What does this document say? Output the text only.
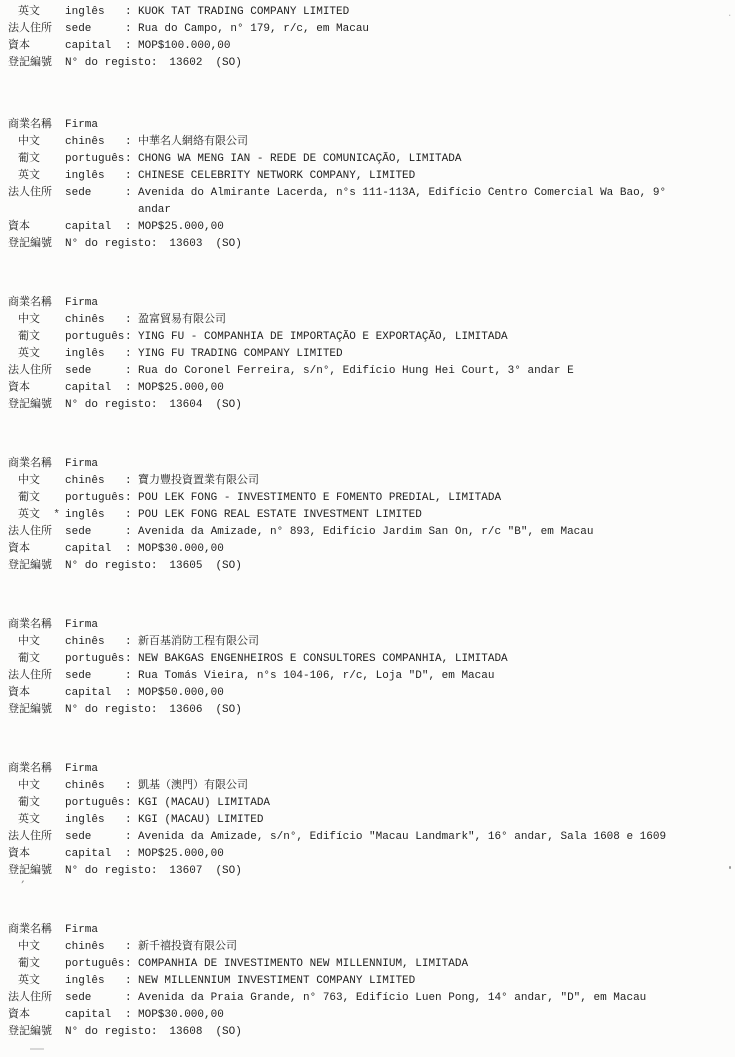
英文 inglês	: KUOK TAT TRADING COMPANY LIMITED
法人住所 sede	: Rua do Campo, n° 179, r/c, em Macau
資本	capital	: MOP$100.000,00
登記編號 N° do registo: 13602 (SO)
商業名稱 Firma
中文 chinês	: 中華名人網絡有限公司
葡文 português : CHONG WA MENG IAN - REDE DE COMUNICAÇÃO, LIMITADA
英文 inglês	: CHINESE CELEBRITY NETWORK COMPANY, LIMITED
法人住所 sede	: Avenida do Almirante Lacerda, n°s 111-113A, Edifício Centro Comercial Wa Bao, 9° andar
資本	capital	: MOP$25.000,00
登記編號 N° do registo: 13603 (SO)
商業名稱 Firma
中文 chinês	: 盈富貿易有限公司
葡文 português : YING FU - COMPANHIA DE IMPORTAÇÃO E EXPORTAÇÃO, LIMITADA
英文 inglês	: YING FU TRADING COMPANY LIMITED
法人住所 sede	: Rua do Coronel Ferreira, s/n°, Edifício Hung Hei Court, 3° andar E
資本	capital	: MOP$25.000,00
登記編號 N° do registo: 13604 (SO)
商業名稱 Firma
中文 chinês	: 寶力豐投資置業有限公司
葡文 português : POU LEK FONG - INVESTIMENTO E FOMENTO PREDIAL, LIMITADA
英文 * inglês	: POU LEK FONG REAL ESTATE INVESTMENT LIMITED
法人住所 sede	: Avenida da Amizade, n° 893, Edifício Jardim San On, r/c "B", em Macau
資本	capital	: MOP$30.000,00
登記編號 N° do registo: 13605 (SO)
商業名稱 Firma
中文 chinês	: 新百基消防工程有限公司
葡文 português : NEW BAKGAS ENGENHEIROS E CONSULTORES COMPANHIA, LIMITADA
法人住所 sede	: Rua Tomás Vieira, n°s 104-106, r/c, Loja "D", em Macau
資本	capital	: MOP$50.000,00
登記編號 N° do registo: 13606 (SO)
商業名稱 Firma
中文 chinês	: 凱基（澳門）有限公司
葡文 português : KGI (MACAU) LIMITADA
英文 inglês	: KGI (MACAU) LIMITED
法人住所 sede	: Avenida da Amizade, s/n°, Edifício "Macau Landmark", 16° andar, Sala 1608 e 1609
資本	capital	: MOP$25.000,00
登記編號 N° do registo: 13607 (SO)
商業名稱 Firma
中文 chinês	: 新千禧投資有限公司
葡文 português : COMPANHIA DE INVESTIMENTO NEW MILLENNIUM, LIMITADA
英文 inglês	: NEW MILLENNIUM INVESTIMENT COMPANY LIMITED
法人住所 sede	: Avenida da Praia Grande, n° 763, Edifício Luen Pong, 14° andar, "D", em Macau
資本	capital	: MOP$30.000,00
登記編號 N° do registo: 13608 (SO)
,
·
